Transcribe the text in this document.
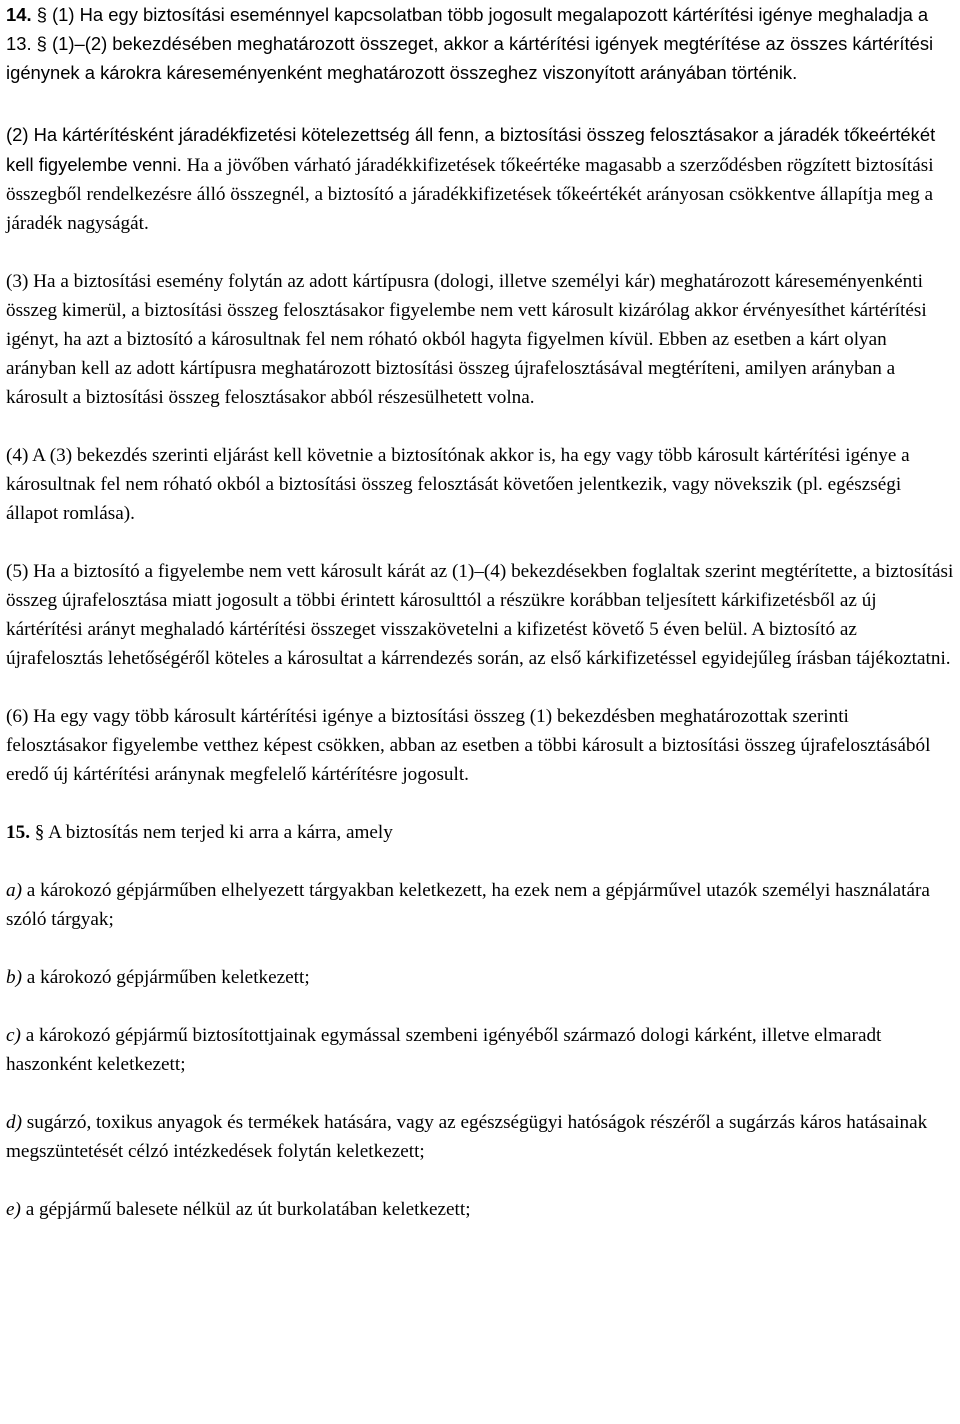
14. § (1) Ha egy biztosítási eseménnyel kapcsolatban több jogosult megalapozott kártérítési igénye meghaladja a 13. § (1)–(2) bekezdésében meghatározott összeget, akkor a kártérítési igények megtérítése az összes kártérítési igénynek a károkra káreseményenként meghatározott összeghez viszonyított arányában történik.

(2) Ha kártérítésként járadékfizetési kötelezettség áll fenn, a biztosítási összeg felosztásakor a járadék tőkeértékét kell figyelembe venni. Ha a jövőben várható járadékkifizetések tőkeértéke magasabb a szerződésben rögzített biztosítási összegből rendelkezésre álló összegnél, a biztosító a járadékkifizetések tőkeértékét arányosan csökkentve állapítja meg a járadék nagyságát.

(3) Ha a biztosítási esemény folytán az adott kártípusra (dologi, illetve személyi kár) meghatározott káreseményenkénti összeg kimerül, a biztosítási összeg felosztásakor figyelembe nem vett károsult kizárólag akkor érvényesíthet kártérítési igényt, ha azt a biztosító a károsultnak fel nem róható okból hagyta figyelmen kívül. Ebben az esetben a kárt olyan arányban kell az adott kártípusra meghatározott biztosítási összeg újrafelosztásával megtéríteni, amilyen arányban a károsult a biztosítási összeg felosztásakor abból részesülhetett volna.

(4) A (3) bekezdés szerinti eljárást kell követnie a biztosítónak akkor is, ha egy vagy több károsult kártérítési igénye a károsultnak fel nem róható okból a biztosítási összeg felosztását követően jelentkezik, vagy növekszik (pl. egészségi állapot romlása).

(5) Ha a biztosító a figyelembe nem vett károsult kárát az (1)–(4) bekezdésekben foglaltak szerint megtérítette, a biztosítási összeg újrafelosztása miatt jogosult a többi érintett károsulttól a részükre korábban teljesített kárkifizetésből az új kártérítési arányt meghaladó kártérítési összeget visszakövetelni a kifizetést követő 5 éven belül. A biztosító az újrafelosztás lehetőségéről köteles a károsultat a kárrendezés során, az első kárkifizetéssel egyidejűleg írásban tájékoztatni.

(6) Ha egy vagy több károsult kártérítési igénye a biztosítási összeg (1) bekezdésben meghatározottak szerinti felosztásakor figyelembe vetthez képest csökken, abban az esetben a többi károsult a biztosítási összeg újrafelosztásából eredő új kártérítési aránynak megfelelő kártérítésre jogosult.

15. § A biztosítás nem terjed ki arra a kárra, amely

a) a károkozó gépjárműben elhelyezett tárgyakban keletkezett, ha ezek nem a gépjárművel utazók személyi használatára szóló tárgyak;

b) a károkozó gépjárműben keletkezett;

c) a károkozó gépjármű biztosítottjainak egymással szembeni igényéből származó dologi kárként, illetve elmaradt haszonként keletkezett;

d) sugárzó, toxikus anyagok és termékek hatására, vagy az egészségügyi hatóságok részéről a sugárzás káros hatásainak megszüntetését célzó intézkedések folytán keletkezett;

e) a gépjármű balesete nélkül az út burkolatában keletkezett;
